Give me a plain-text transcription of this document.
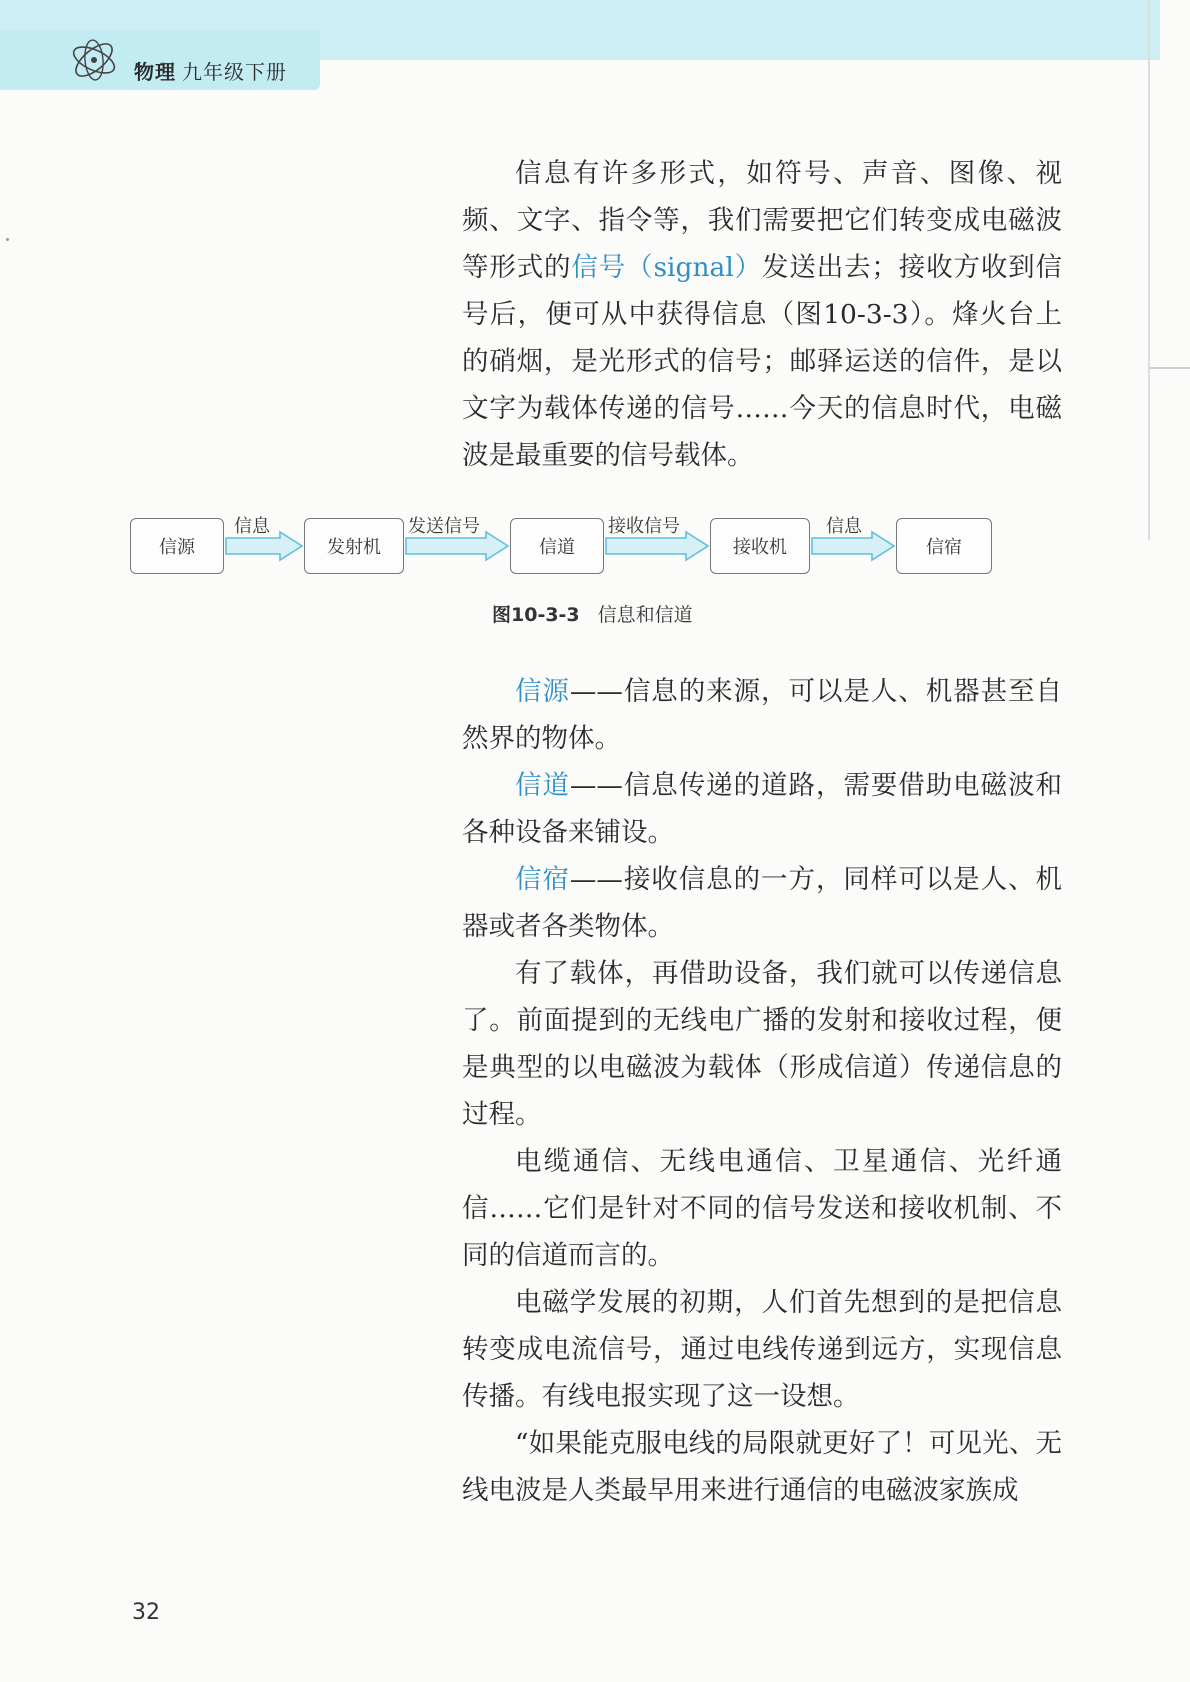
物理 九年级下册

信息有许多形式，如符号、声音、图像、视频、文字、指令等，我们需要把它们转变成电磁波等形式的信号（signal）发送出去；接收方收到信号后，便可从中获得信息（图10-3-3）。烽火台上的硝烟，是光形式的信号；邮驿运送的信件，是以文字为载体传递的信号……今天的信息时代，电磁波是最重要的信号载体。

信源	发射机	信道	接收机	信宿
信息	发送信号	接收信号	信息
图10-3-3 信息和信道

信源——信息的来源，可以是人、机器甚至自然界的物体。

信道——信息传递的道路，需要借助电磁波和各种设备来铺设。

信宿——接收信息的一方，同样可以是人、机器或者各类物体。

有了载体，再借助设备，我们就可以传递信息了。前面提到的无线电广播的发射和接收过程，便是典型的以电磁波为载体（形成信道）传递信息的过程。

电缆通信、无线电通信、卫星通信、光纤通信……它们是针对不同的信号发送和接收机制、不同的信道而言的。

电磁学发展的初期，人们首先想到的是把信息转变成电流信号，通过电线传递到远方，实现信息传播。有线电报实现了这一设想。

“如果能克服电线的局限就更好了！可见光、无线电波是人类最早用来进行通信的电磁波家族成

32
